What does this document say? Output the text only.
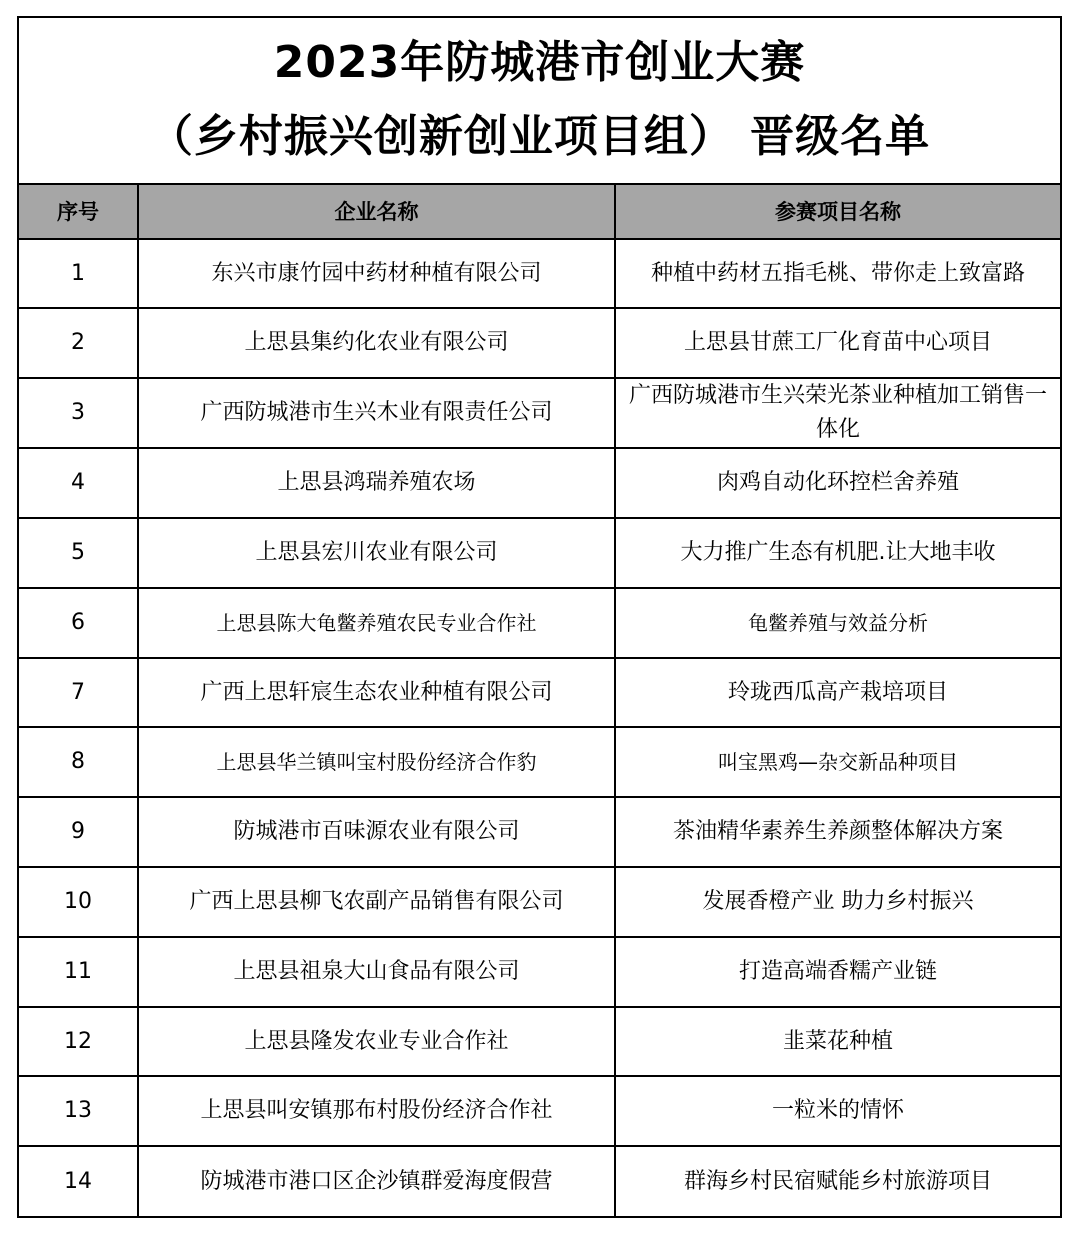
2023年防城港市创业大赛
（乡村振兴创新创业项目组） 晋级名单
序号	企业名称	参赛项目名称
1	东兴市康竹园中药材种植有限公司	种植中药材五指毛桃、带你走上致富路
2	上思县集约化农业有限公司	上思县甘蔗工厂化育苗中心项目
3	广西防城港市生兴木业有限责任公司	广西防城港市生兴荣光茶业种植加工销售一体化
4	上思县鸿瑞养殖农场	肉鸡自动化环控栏舍养殖
5	上思县宏川农业有限公司	大力推广生态有机肥.让大地丰收
6	上思县陈大龟鳖养殖农民专业合作社	龟鳖养殖与效益分析
7	广西上思轩宸生态农业种植有限公司	玲珑西瓜高产栽培项目
8	上思县华兰镇叫宝村股份经济合作豹	叫宝黑鸡—杂交新品种项目
9	防城港市百味源农业有限公司	茶油精华素养生养颜整体解决方案
10	广西上思县柳飞农副产品销售有限公司	发展香橙产业 助力乡村振兴
11	上思县祖泉大山食品有限公司	打造高端香糯产业链
12	上思县隆发农业专业合作社	韭菜花种植
13	上思县叫安镇那布村股份经济合作社	一粒米的情怀
14	防城港市港口区企沙镇群爱海度假营	群海乡村民宿赋能乡村旅游项目
